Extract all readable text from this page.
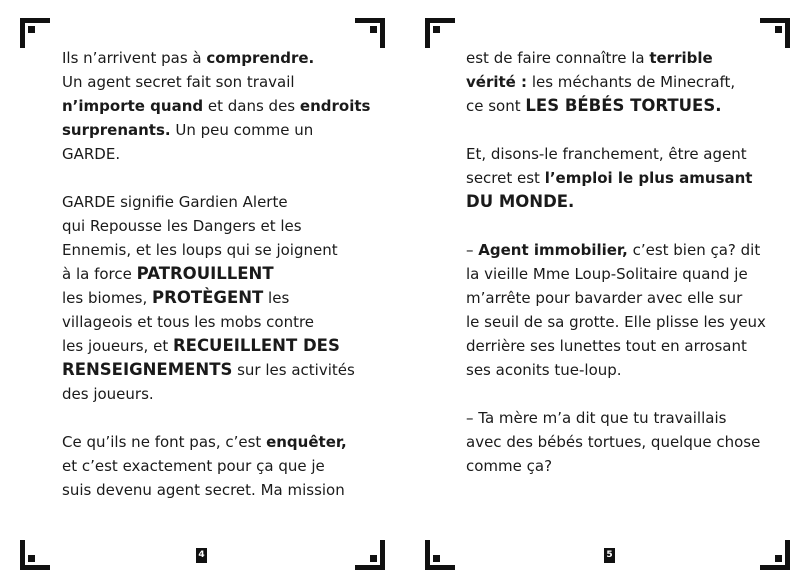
Ils n’arrivent pas à comprendre.
Un agent secret fait son travail
n’importe quand et dans des endroits
surprenants. Un peu comme un
GARDE.
GARDE signifie Gardien Alerte
qui Repousse les Dangers et les
Ennemis, et les loups qui se joignent
à la force PATROUILLENT
les biomes, PROTÈGENT les
villageois et tous les mobs contre
les joueurs, et RECUEILLENT DES
RENSEIGNEMENTS sur les activités
des joueurs.
Ce qu’ils ne font pas, c’est enquêter,
et c’est exactement pour ça que je
suis devenu agent secret. Ma mission
4
est de faire connaître la terrible
vérité : les méchants de Minecraft,
ce sont LES BÉBÉS TORTUES.
Et, disons-le franchement, être agent
secret est l’emploi le plus amusant
DU MONDE.
– Agent immobilier, c’est bien ça? dit
la vieille Mme Loup-Solitaire quand je
m’arrête pour bavarder avec elle sur
le seuil de sa grotte. Elle plisse les yeux
derrière ses lunettes tout en arrosant
ses aconits tue-loup.
– Ta mère m’a dit que tu travaillais
avec des bébés tortues, quelque chose
comme ça?
5
